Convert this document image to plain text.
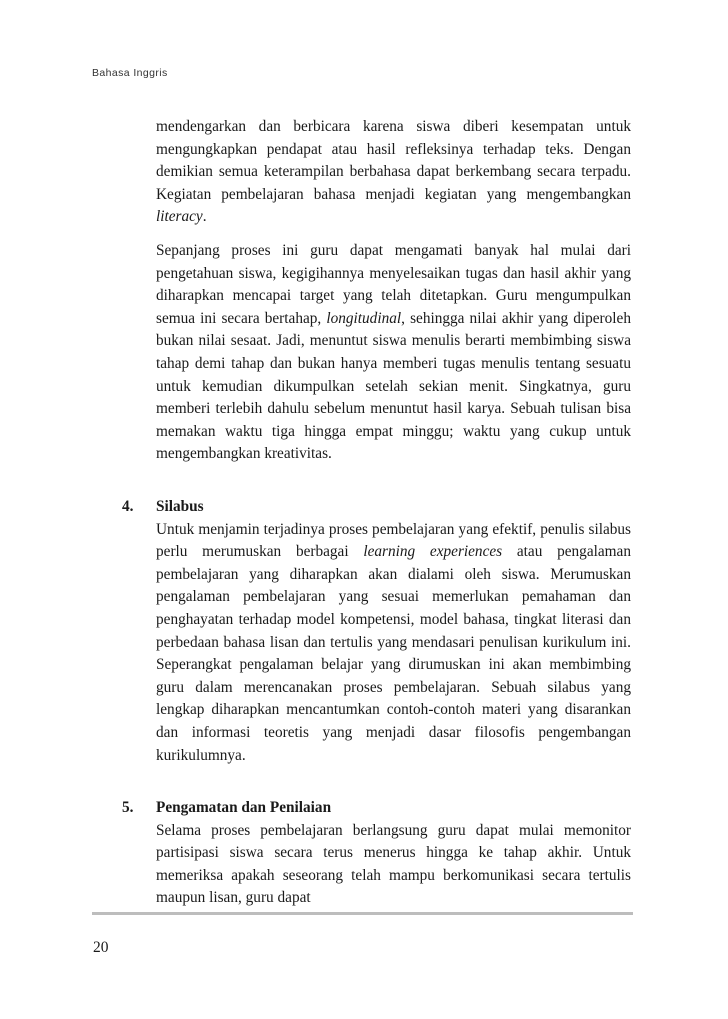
Bahasa Inggris

mendengarkan dan berbicara karena siswa diberi kesempatan untuk mengungkapkan pendapat atau hasil refleksinya terhadap teks. Dengan demikian semua keterampilan berbahasa dapat berkembang secara terpadu. Kegiatan pembelajaran bahasa menjadi kegiatan yang mengembangkan literacy.

Sepanjang proses ini guru dapat mengamati banyak hal mulai dari pengetahuan siswa, kegigihannya menyelesaikan tugas dan hasil akhir yang diharapkan mencapai target yang telah ditetapkan. Guru mengumpulkan semua ini secara bertahap, longitudinal, sehingga nilai akhir yang diperoleh bukan nilai sesaat. Jadi, menuntut siswa menulis berarti membimbing siswa tahap demi tahap dan bukan hanya memberi tugas menulis tentang sesuatu untuk kemudian dikumpulkan setelah sekian menit. Singkatnya, guru memberi terlebih dahulu sebelum menuntut hasil karya. Sebuah tulisan bisa memakan waktu tiga hingga empat minggu; waktu yang cukup untuk mengembangkan kreativitas.

4.	Silabus

Untuk menjamin terjadinya proses pembelajaran yang efektif, penulis silabus perlu merumuskan berbagai learning experiences atau pengalaman pembelajaran yang diharapkan akan dialami oleh siswa. Merumuskan pengalaman pembelajaran yang sesuai memerlukan pemahaman dan penghayatan terhadap model kompetensi, model bahasa, tingkat literasi dan perbedaan bahasa lisan dan tertulis yang mendasari penulisan kurikulum ini. Seperangkat pengalaman belajar yang dirumuskan ini akan membimbing guru dalam merencanakan proses pembelajaran. Sebuah silabus yang lengkap diharapkan mencantumkan contoh-contoh materi yang disarankan dan informasi teoretis yang menjadi dasar filosofis pengembangan kurikulumnya.

5.	Pengamatan dan Penilaian

Selama proses pembelajaran berlangsung guru dapat mulai memonitor partisipasi siswa secara terus menerus hingga ke tahap akhir. Untuk memeriksa apakah seseorang telah mampu berkomunikasi secara tertulis maupun lisan, guru dapat

20
